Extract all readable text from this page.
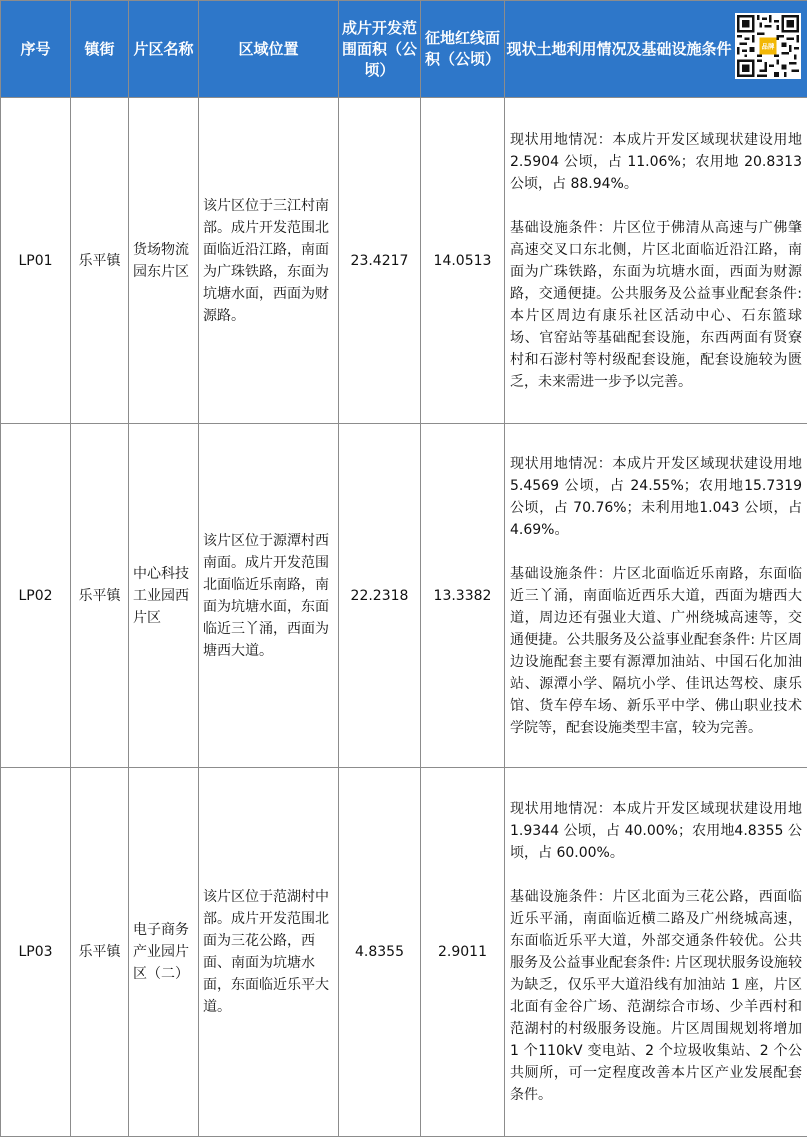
序号	镇街	片区名称	区域位置	成片开发范围面积（公顷）	征地红线面积（公顷）	现状土地利用情况及基础设施条件 品牌

LP01	乐平镇	货场物流园东片区	该片区位于三江村南部。成片开发范围北面临近沿江路，南面为广珠铁路，东面为坑塘水面，西面为财源路。	23.4217	14.0513	现状用地情况：本成片开发区域现状建设用地2.5904 公顷，占 11.06%；农用地 20.8313 公顷，占 88.94%。
基础设施条件：片区位于佛清从高速与广佛肇高速交叉口东北侧，片区北面临近沿江路，南面为广珠铁路，东面为坑塘水面，西面为财源路，交通便捷。公共服务及公益事业配套条件:本片区周边有康乐社区活动中心、石东篮球场、官窑站等基础配套设施，东西两面有贤寮村和石澎村等村级配套设施，配套设施较为匮乏，未来需进一步予以完善。

LP02	乐平镇	中心科技工业园西片区	该片区位于源潭村西南面。成片开发范围北面临近乐南路，南面为坑塘水面，东面临近三丫涌，西面为塘西大道。	22.2318	13.3382	现状用地情况：本成片开发区域现状建设用地5.4569 公顷，占 24.55%；农用地15.7319 公顷，占 70.76%；未利用地1.043 公顷，占 4.69%。
基础设施条件：片区北面临近乐南路，东面临近三丫涌，南面临近西乐大道，西面为塘西大道，周边还有强业大道、广州绕城高速等，交通便捷。公共服务及公益事业配套条件: 片区周边设施配套主要有源潭加油站、中国石化加油站、源潭小学、隔坑小学、佳讯达驾校、康乐馆、货车停车场、新乐平中学、佛山职业技术学院等，配套设施类型丰富，较为完善。

LP03	乐平镇	电子商务产业园片区（二）	该片区位于范湖村中部。成片开发范围北面为三花公路，西面、南面为坑塘水面，东面临近乐平大道。	4.8355	2.9011	现状用地情况：本成片开发区域现状建设用地1.9344 公顷，占 40.00%；农用地4.8355 公顷，占 60.00%。
基础设施条件：片区北面为三花公路，西面临近乐平涌，南面临近横二路及广州绕城高速，东面临近乐平大道，外部交通条件较优。公共服务及公益事业配套条件: 片区现状服务设施较为缺乏，仅乐平大道沿线有加油站 1 座，片区北面有金谷广场、范湖综合市场、少羊西村和范湖村的村级服务设施。片区周围规划将增加 1 个110kV 变电站、2 个垃圾收集站、2 个公共厕所，可一定程度改善本片区产业发展配套条件。
